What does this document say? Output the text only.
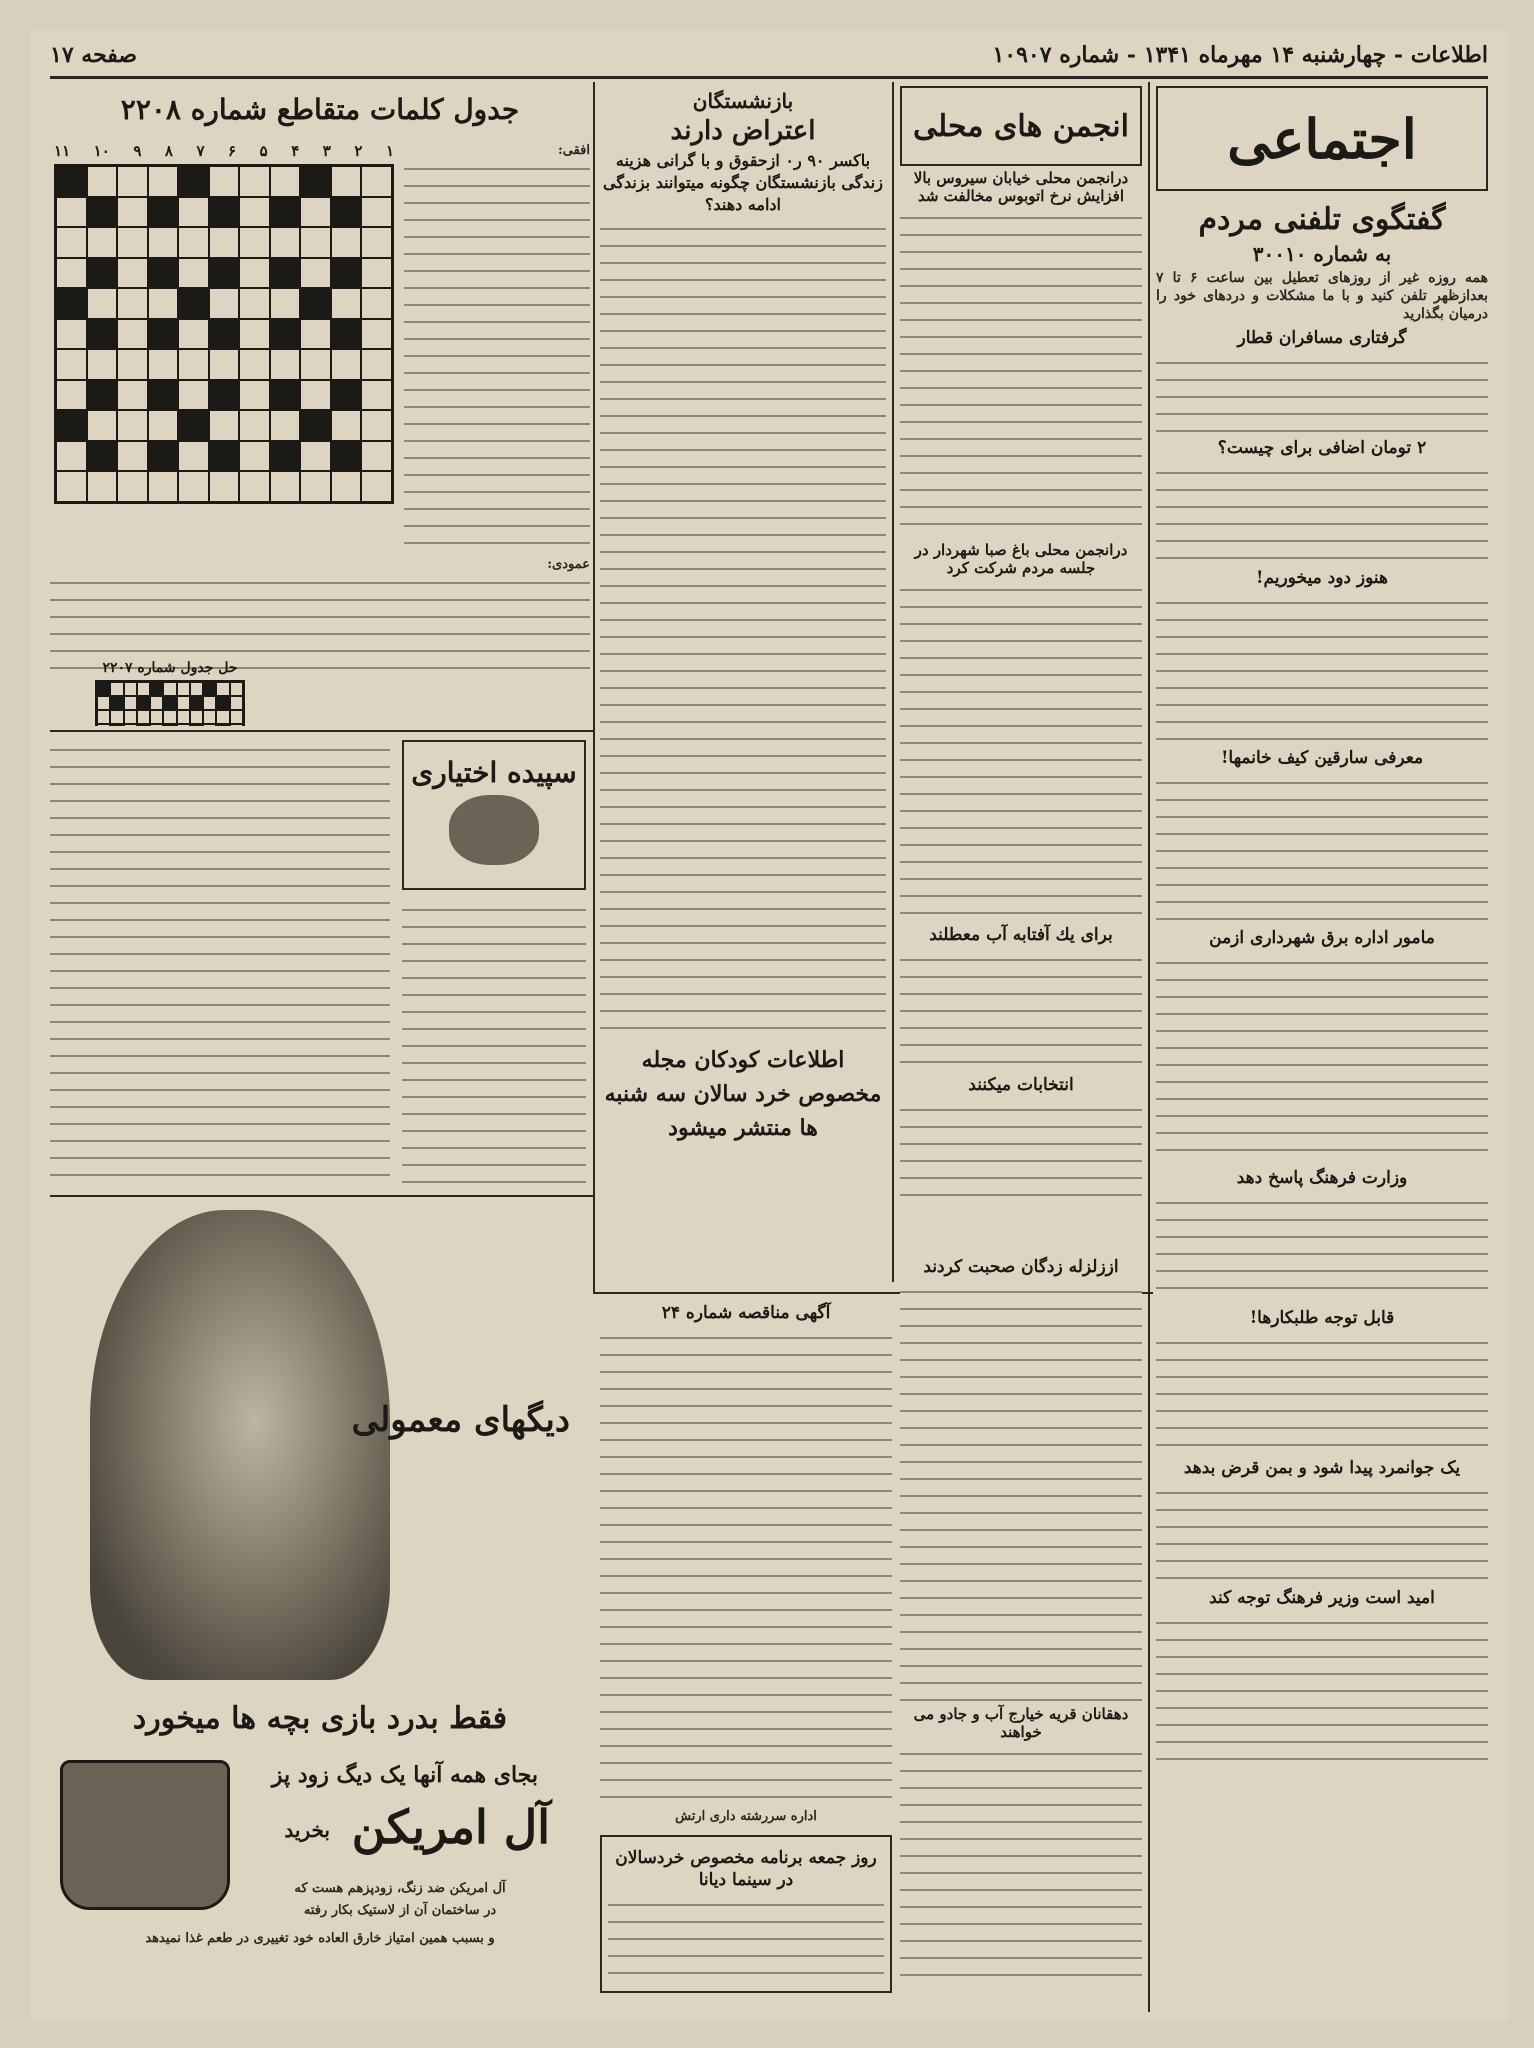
اطلاعات - چهارشنبه ۱۴ مهرماه ۱۳۴۱ - شماره ۱۰۹۰۷
صفحه ۱۷
اجتماعی
گفتگوی تلفنی مردم
به شماره ۳۰۰۱۰
همه روزه غیر از روزهای تعطیل بین ساعت ۶ تا ۷ بعدازظهر تلفن کنید و با ما مشکلات و دردهای خود را درمیان بگذارید
گرفتاری مسافران قطار
۲ تومان اضافی برای چیست؟
هنوز دود میخوریم!
معرفی سارقین کیف خانمها!
مامور اداره برق شهرداری ازمن
وزارت فرهنگ پاسخ دهد
قابل توجه طلبکارها!
یک جوانمرد پیدا شود و بمن قرض بدهد
امید است وزیر فرهنگ توجه کند
انجمن های محلی
درانجمن محلی خیابان سیروس بالا افزایش نرخ اتوبوس مخالفت شد
درانجمن محلی باغ صبا شهردار در جلسه مردم شرکت کرد
برای یك آفتابه آب معطلند
انتخابات میکنند
اززلزله زدگان صحبت کردند
دهقانان قریه خیارج آب و جادو می خواهند
بازنشستگان
اعتراض دارند
باکسر ۹۰ ر۰ ازحقوق و با گرانی هزینه زندگی بازنشستگان چگونه میتوانند بزندگی ادامه دهند؟
اطلاعات کودکان مجله مخصوص خرد سالان سه شنبه ها منتشر میشود
آگهی مناقصه شماره ۲۴
اداره سررشته داری ارتش
روز جمعه برنامه مخصوص خردسالان در سینما دیانا
جدول کلمات متقاطع شماره ۲۲۰۸
۱
۲
۳
۴
۵
۶
۷
۸
۹
۱۰
۱۱	افقی:
عمودی:
حل جدول شماره ۲۲۰۷
سپیده اختیاری
دیگهای معمولی
فقط بدرد بازی بچه ها میخورد
بجای همه آنها یک دیگ زود پز
آل امریکن
بخرید
آل امریکن ضد زنگ، زودپزهم هست که
در ساختمان آن از لاستیک بکار رفته
و بسبب همین امتیاز خارق العاده خود تغییری در طعم غذا نمیدهد
